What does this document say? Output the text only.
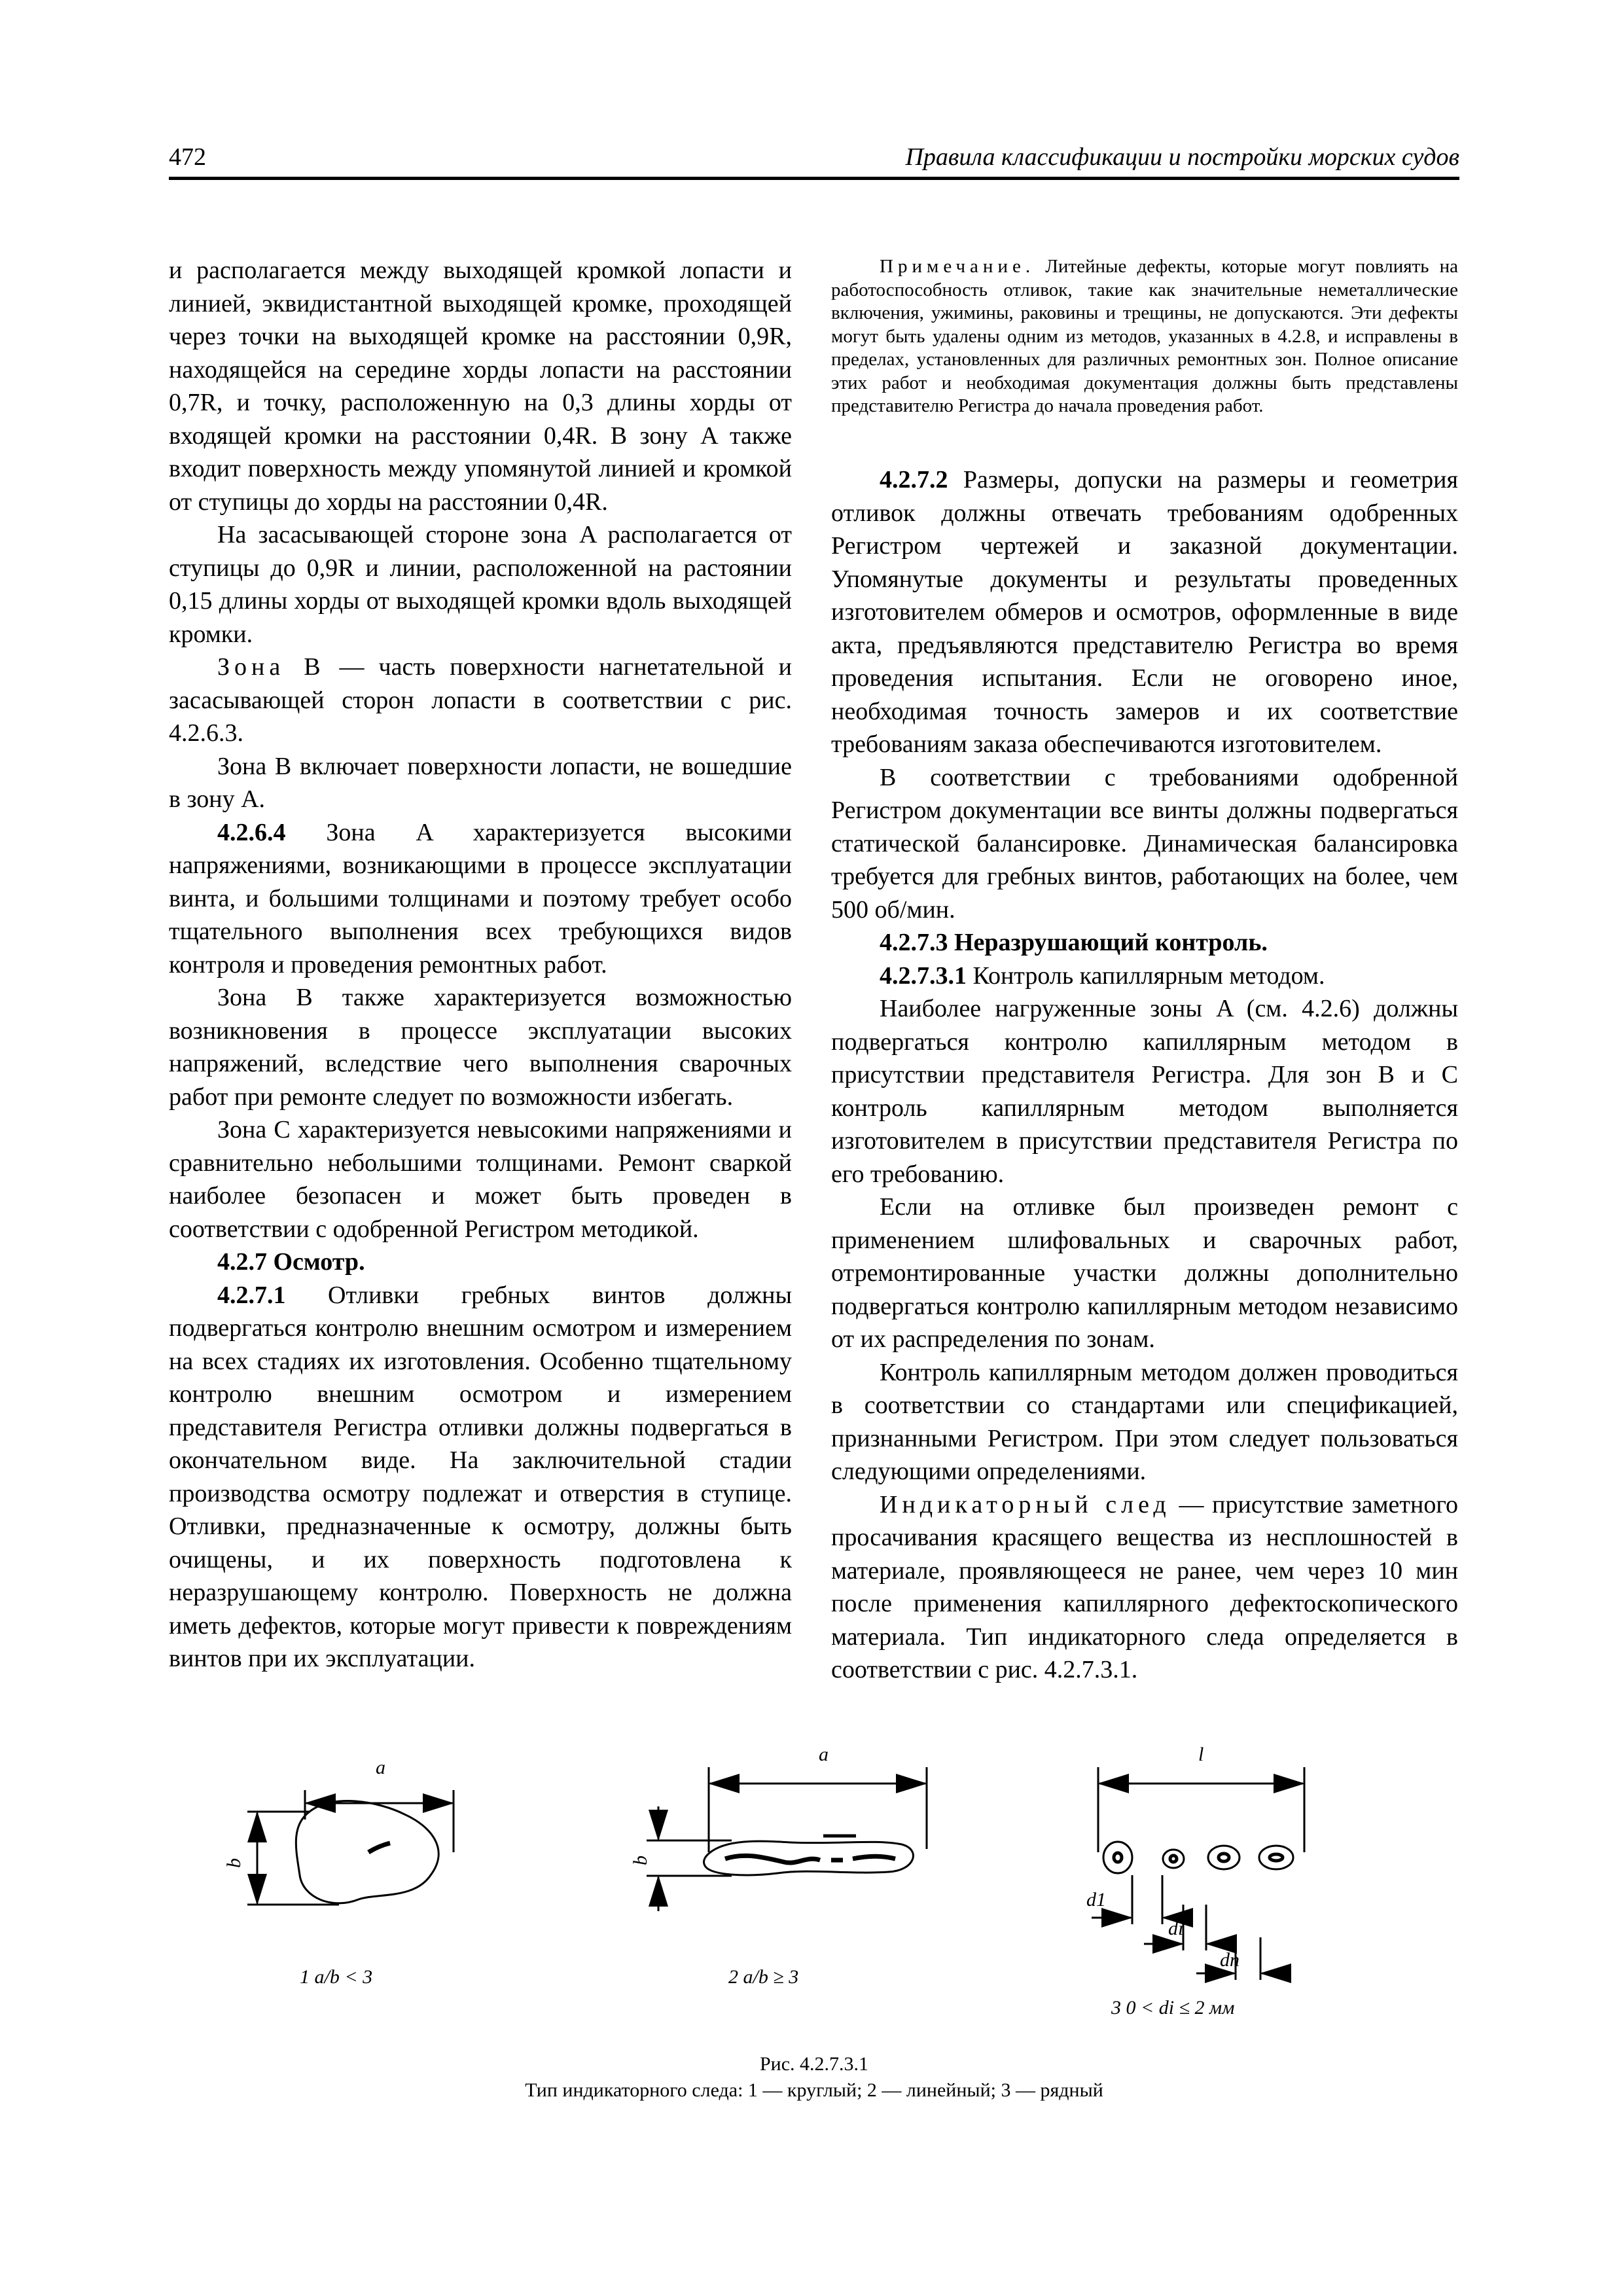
472	Правила классификации и постройки морских судов

и располагается между выходящей кромкой лопасти и линией, эквидистантной выходящей кромке, проходящей через точки на выходящей кромке на расстоянии 0,9R, находящейся на середине хорды лопасти на расстоянии 0,7R, и точку, расположенную на 0,3 длины хорды от входящей кромки на расстоянии 0,4R. В зону A также входит поверхность между упомянутой линией и кромкой от ступицы до хорды на расстоянии 0,4R.

На засасывающей стороне зона A располагается от ступицы до 0,9R и линии, расположенной на растоянии 0,15 длины хорды от выходящей кромки вдоль выходящей кромки.

Зона B — часть поверхности нагнетательной и засасывающей сторон лопасти в соответствии с рис. 4.2.6.3.

Зона B включает поверхности лопасти, не вошедшие в зону A.

4.2.6.4 Зона A характеризуется высокими напряжениями, возникающими в процессе эксплуатации винта, и большими толщинами и поэтому требует особо тщательного выполнения всех требующихся видов контроля и проведения ремонтных работ.

Зона B также характеризуется возможностью возникновения в процессе эксплуатации высоких напряжений, вследствие чего выполнения сварочных работ при ремонте следует по возможности избегать.

Зона C характеризуется невысокими напряжениями и сравнительно небольшими толщинами. Ремонт сваркой наиболее безопасен и может быть проведен в соответствии с одобренной Регистром методикой.

4.2.7 Осмотр.

4.2.7.1 Отливки гребных винтов должны подвергаться контролю внешним осмотром и измерением на всех стадиях их изготовления. Особенно тщательному контролю внешним осмотром и измерением представителя Регистра отливки должны подвергаться в окончательном виде. На заключительной стадии производства осмотру подлежат и отверстия в ступице. Отливки, предназначенные к осмотру, должны быть очищены, и их поверхность подготовлена к неразрушающему контролю. Поверхность не должна иметь дефектов, которые могут привести к повреждениям винтов при их эксплуатации.

Примечание. Литейные дефекты, которые могут повлиять на работоспособность отливок, такие как значительные неметаллические включения, ужимины, раковины и трещины, не допускаются. Эти дефекты могут быть удалены одним из методов, указанных в 4.2.8, и исправлены в пределах, установленных для различных ремонтных зон. Полное описание этих работ и необходимая документация должны быть представлены представителю Регистра до начала проведения работ.

4.2.7.2 Размеры, допуски на размеры и геометрия отливок должны отвечать требованиям одобренных Регистром чертежей и заказной документации. Упомянутые документы и результаты проведенных изготовителем обмеров и осмотров, оформленные в виде акта, предъявляются представителю Регистра во время проведения испытания. Если не оговорено иное, необходимая точность замеров и их соответствие требованиям заказа обеспечиваются изготовителем.

В соответствии с требованиями одобренной Регистром документации все винты должны подвергаться статической балансировке. Динамическая балансировка требуется для гребных винтов, работающих на более, чем 500 об/мин.

4.2.7.3 Неразрушающий контроль.

4.2.7.3.1 Контроль капиллярным методом.

Наиболее нагруженные зоны A (см. 4.2.6) должны подвергаться контролю капиллярным методом в присутствии представителя Регистра. Для зон B и C контроль капиллярным методом выполняется изготовителем в присутствии представителя Регистра по его требованию.

Если на отливке был произведен ремонт с применением шлифовальных и сварочных работ, отремонтированные участки должны дополнительно подвергаться контролю капиллярным методом независимо от их распределения по зонам.

Контроль капиллярным методом должен проводиться в соответствии со стандартами или спецификацией, признанными Регистром. При этом следует пользоваться следующими определениями.

Индикаторный след — присутствие заметного просачивания красящего вещества из несплошностей в материале, проявляющееся не ранее, чем через 10 мин после применения капиллярного дефектоскопического материала. Тип индикаторного следа определяется в соответствии с рис. 4.2.7.3.1.

a
b
a
b
l
d1
di
dn
1 a/b < 3	2 a/b ≥ 3
3 0 < di ≤ 2 мм
Рис. 4.2.7.3.1
Тип индикаторного следа: 1 — круглый; 2 — линейный; 3 — рядный
